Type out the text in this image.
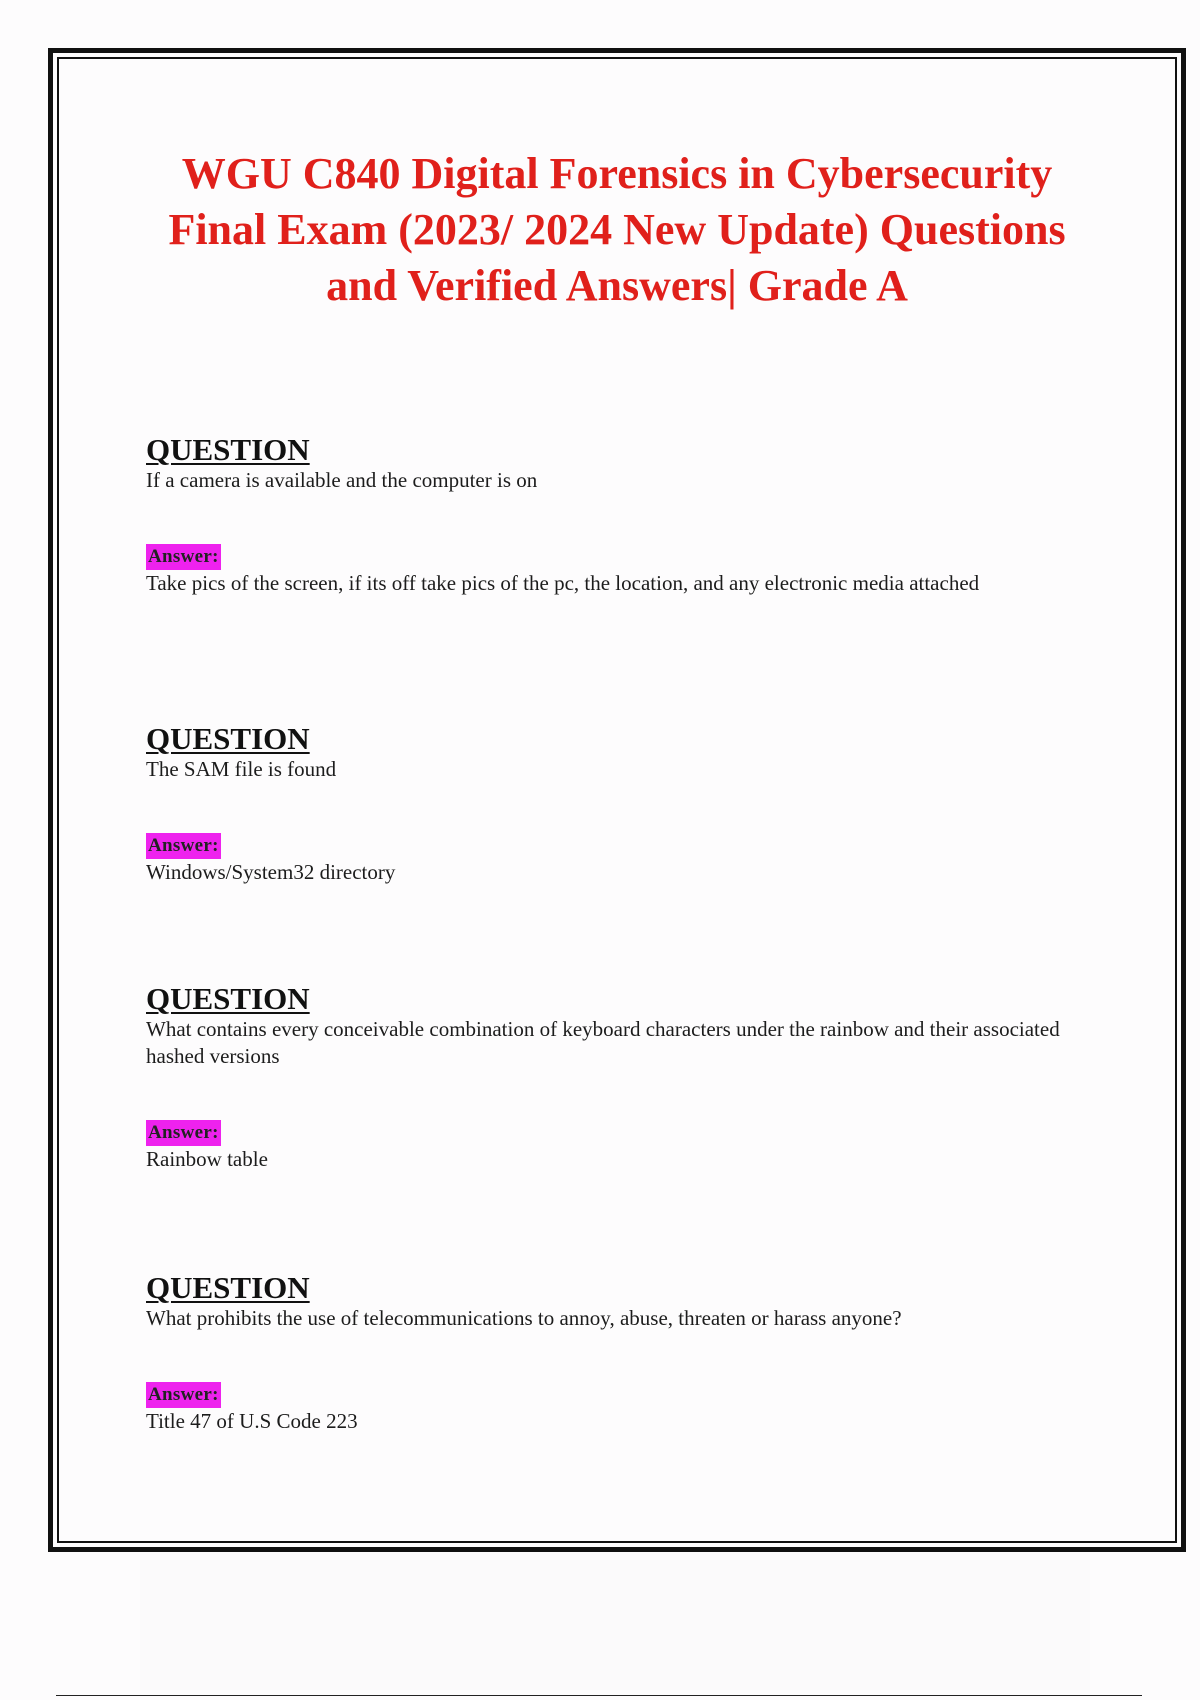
WGU C840 Digital Forensics in Cybersecurity Final Exam (2023/ 2024 New Update) Questions and Verified Answers| Grade A

QUESTION

If a camera is available and the computer is on

Answer:

Take pics of the screen, if its off take pics of the pc, the location, and any electronic media attached

QUESTION

The SAM file is found

Answer:

Windows/System32 directory

QUESTION

What contains every conceivable combination of keyboard characters under the rainbow and their associated hashed versions

Answer:

Rainbow table

QUESTION

What prohibits the use of telecommunications to annoy, abuse, threaten or harass anyone?

Answer:

Title 47 of U.S Code 223
